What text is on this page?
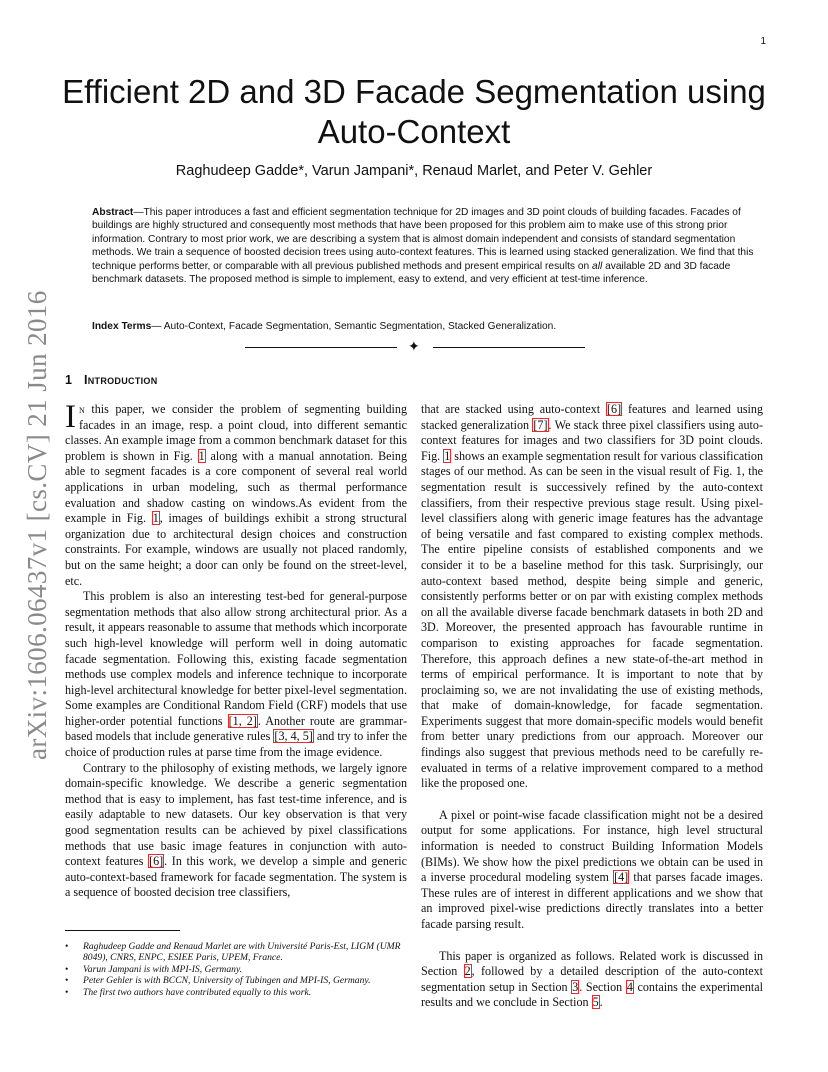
1
arXiv:1606.06437v1 [cs.CV] 21 Jun 2016
Efficient 2D and 3D Facade Segmentation using
Auto-Context
Raghudeep Gadde*, Varun Jampani*, Renaud Marlet, and Peter V. Gehler

Abstract—This paper introduces a fast and efficient segmentation technique for 2D images and 3D point clouds of building facades. Facades of buildings are highly structured and consequently most methods that have been proposed for this problem aim to make use of this strong prior information. Contrary to most prior work, we are describing a system that is almost domain independent and consists of standard segmentation methods. We train a sequence of boosted decision trees using auto-context features. This is learned using stacked generalization. We find that this technique performs better, or comparable with all previous published methods and present empirical results on all available 2D and 3D facade benchmark datasets. The proposed method is simple to implement, easy to extend, and very efficient at test-time inference.

Index Terms— Auto-Context, Facade Segmentation, Semantic Segmentation, Stacked Generalization.

✦
1 Introduction

In this paper, we consider the problem of segmenting building facades in an image, resp. a point cloud, into different semantic classes. An example image from a common benchmark dataset for this problem is shown in Fig. 1 along with a manual annotation. Being able to segment facades is a core component of several real world applications in urban modeling, such as thermal performance evaluation and shadow casting on windows.As evident from the example in Fig. 1, images of buildings exhibit a strong structural organization due to architectural design choices and construction constraints. For example, windows are usually not placed randomly, but on the same height; a door can only be found on the street-level, etc.

This problem is also an interesting test-bed for general-purpose segmentation methods that also allow strong architectural prior. As a result, it appears reasonable to assume that methods which incorporate such high-level knowledge will perform well in doing automatic facade segmentation. Following this, existing facade segmentation methods use complex models and inference technique to incorporate high-level architectural knowledge for better pixel-level segmentation. Some examples are Conditional Random Field (CRF) models that use higher-order potential functions [1, 2]. Another route are grammar-based models that include generative rules [3, 4, 5] and try to infer the choice of production rules at parse time from the image evidence.

Contrary to the philosophy of existing methods, we largely ignore domain-specific knowledge. We describe a generic segmentation method that is easy to implement, has fast test-time inference, and is easily adaptable to new datasets. Our key observation is that very good segmentation results can be achieved by pixel classifications methods that use basic image features in conjunction with auto-context features [6]. In this work, we develop a simple and generic auto-context-based framework for facade segmentation. The system is a sequence of boosted decision tree classifiers,

that are stacked using auto-context [6] features and learned using stacked generalization [7]. We stack three pixel classifiers using auto-context features for images and two classifiers for 3D point clouds. Fig. 1 shows an example segmentation result for various classification stages of our method. As can be seen in the visual result of Fig. 1, the segmentation result is successively refined by the auto-context classifiers, from their respective previous stage result. Using pixel-level classifiers along with generic image features has the advantage of being versatile and fast compared to existing complex methods. The entire pipeline consists of established components and we consider it to be a baseline method for this task. Surprisingly, our auto-context based method, despite being simple and generic, consistently performs better or on par with existing complex methods on all the available diverse facade benchmark datasets in both 2D and 3D. Moreover, the presented approach has favourable runtime in comparison to existing approaches for facade segmentation. Therefore, this approach defines a new state-of-the-art method in terms of empirical performance. It is important to note that by proclaiming so, we are not invalidating the use of existing methods, that make of domain-knowledge, for facade segmentation. Experiments suggest that more domain-specific models would benefit from better unary predictions from our approach. Moreover our findings also suggest that previous methods need to be carefully re-evaluated in terms of a relative improvement compared to a method like the proposed one.

A pixel or point-wise facade classification might not be a desired output for some applications. For instance, high level structural information is needed to construct Building Information Models (BIMs). We show how the pixel predictions we obtain can be used in a inverse procedural modeling system [4] that parses facade images. These rules are of interest in different applications and we show that an improved pixel-wise predictions directly translates into a better facade parsing result.

This paper is organized as follows. Related work is discussed in Section 2, followed by a detailed description of the auto-context segmentation setup in Section 3. Section 4 contains the experimental results and we conclude in Section 5.

• Raghudeep Gadde and Renaud Marlet are with Université Paris-Est, LIGM (UMR 8049), CNRS, ENPC, ESIEE Paris, UPEM, France.
• Varun Jampani is with MPI-IS, Germany.
• Peter Gehler is with BCCN, University of Tubingen and MPI-IS, Germany.
• The first two authors have contributed equally to this work.
